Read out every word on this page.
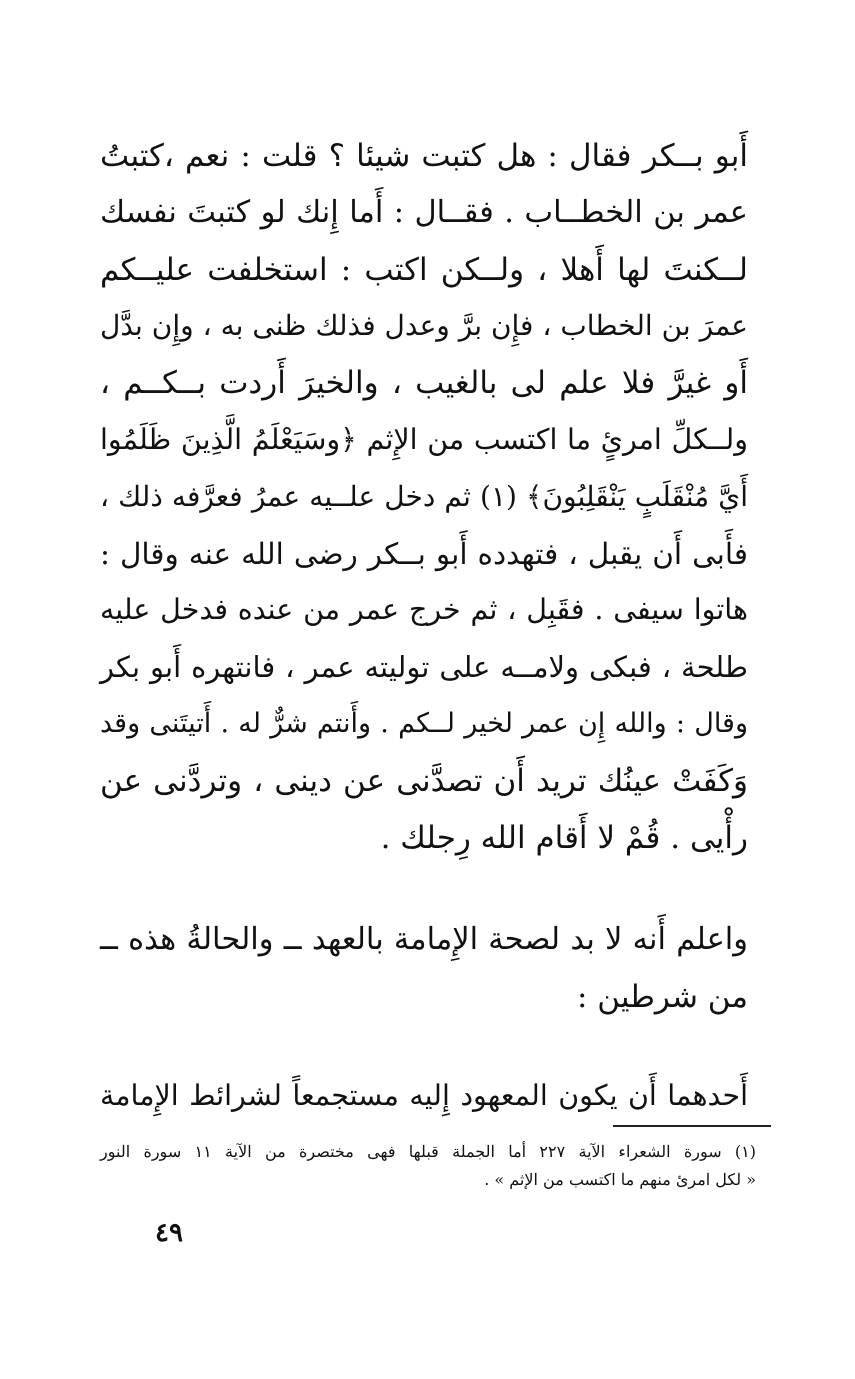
أَبو بــكر فقال : هل كتبت شيئا ؟ قلت : نعم ،كتبتُ
عمر بن الخطــاب . فقــال : أَما إِنك لو كتبتَ نفسك
لــكنتَ لها أَهلا ، ولــكن اكتب : استخلفت عليــكم
عمرَ بن الخطاب ، فإِن برَّ وعدل فذلك ظنى به ، وإِن بدَّل
أَو غيرَّ فلا علم لى بالغيب ، والخيرَ أَردت بــكــم ،
ولــكلِّ امرئٍ ما اكتسب من الإِثم ﴿وسَيَعْلَمُ الَّذِينَ ظَلَمُوا
أَيَّ مُنْقَلَبٍ يَنْقَلِبُونَ﴾ (١) ثم دخل علــيه عمرُ فعرَّفه ذلك ،
فأَبى أَن يقبل ، فتهدده أَبو بــكر رضى الله عنه وقال :
هاتوا سيفى . فقَبِل ، ثم خرج عمر من عنده فدخل عليه
طلحة ، فبكى ولامــه على توليته عمر ، فانتهره أَبو بكر
وقال : والله إِن عمر لخير لــكم . وأَنتم شرٌّ له . أَتيتَنى وقد
وَكَفَتْ عينُك تريد أَن تصدَّنى عن دينى ، وتردَّنى عن
رأْيى . قُمْ لا أَقام الله رِجلك .
واعلم أَنه لا بد لصحة الإِمامة بالعهد ــ والحالةُ هذه ــ
من شرطين :
أَحدهما أَن يكون المعهود إِليه مستجمعاً لشرائط الإِمامة
(١) سورة الشعراء الآية ٢٢٧ أما الجملة قبلها فهى مختصرة من الآية ١١ سورة النور
« لكل امرئ منهم ما اكتسب من الإثم » .
٤٩
